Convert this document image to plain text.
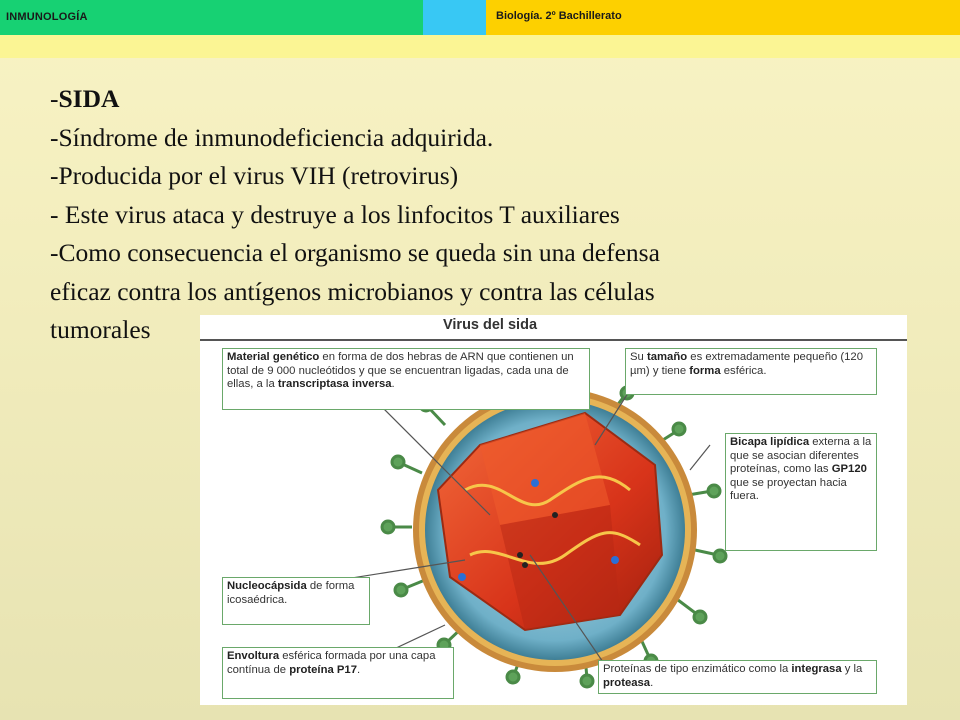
INMUNOLOGÍA	Biología. 2º Bachillerato
-SIDA
-Síndrome de inmunodeficiencia adquirida.
-Producida por el virus VIH (retrovirus)
- Este virus ataca y destruye a los linfocitos T auxiliares
-Como consecuencia el organismo se queda sin una defensa
eficaz contra los antígenos microbianos y contra las células
tumorales	Virus del sida
Material genético en forma de dos hebras de ARN que contienen un total de 9 000 nucleótidos y que se encuentran ligadas, cada una de ellas, a la transcriptasa inversa.
Su tamaño es extremadamente pequeño (120 µm) y tiene forma esférica.
Bicapa lipídica externa a la que se asocian diferentes proteínas, como las GP120 que se proyectan hacia fuera.
Nucleocápsida de forma icosaédrica.
Envoltura esférica formada por una capa contínua de proteína P17.	Proteínas de tipo enzimático como la integrasa y la proteasa.
